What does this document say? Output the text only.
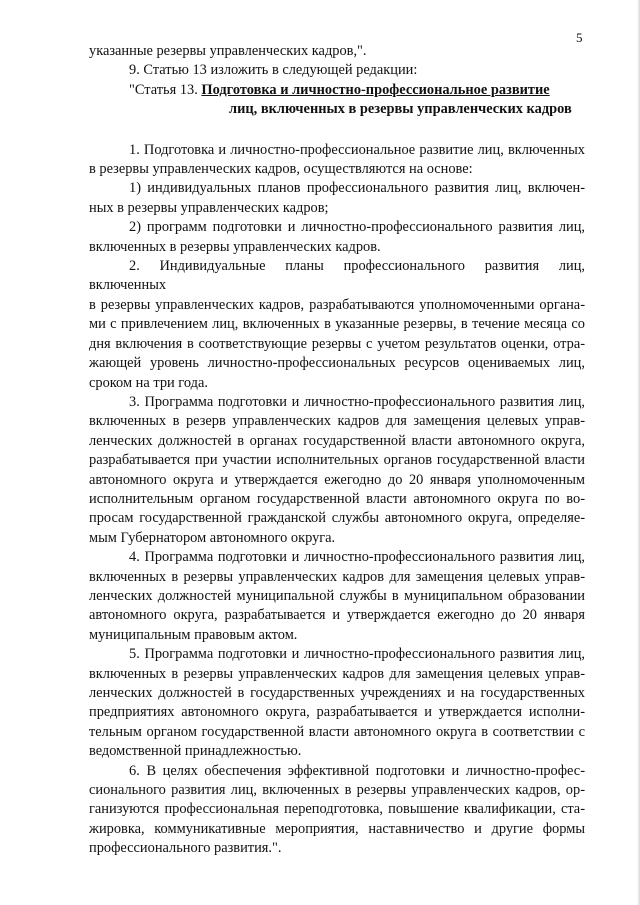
5

указанные резервы управленческих кадров,".

9. Статью 13 изложить в следующей редакции:

"Статья 13. Подготовка и личностно-профессиональное развитие

лиц, включенных в резервы управленческих кадров

1. Подготовка и личностно-профессиональное развитие лиц, включенных

в резервы управленческих кадров, осуществляются на основе:

1) индивидуальных планов профессионального развития лиц, включен-

ных в резервы управленческих кадров;

2) программ подготовки и личностно-профессионального развития лиц,

включенных в резервы управленческих кадров.

2. Индивидуальные планы профессионального развития лиц, включенных

в резервы управленческих кадров, разрабатываются уполномоченными органа-

ми с привлечением лиц, включенных в указанные резервы, в течение месяца со

дня включения в соответствующие резервы с учетом результатов оценки, отра-

жающей уровень личностно-профессиональных ресурсов оцениваемых лиц,

сроком на три года.

3. Программа подготовки и личностно-профессионального развития лиц,

включенных в резерв управленческих кадров для замещения целевых управ-

ленческих должностей в органах государственной власти автономного округа,

разрабатывается при участии исполнительных органов государственной власти

автономного округа и утверждается ежегодно до 20 января уполномоченным

исполнительным органом государственной власти автономного округа по во-

просам государственной гражданской службы автономного округа, определяе-

мым Губернатором автономного округа.

4. Программа подготовки и личностно-профессионального развития лиц,

включенных в резервы управленческих кадров для замещения целевых управ-

ленческих должностей муниципальной службы в муниципальном образовании

автономного округа, разрабатывается и утверждается ежегодно до 20 января

муниципальным правовым актом.

5. Программа подготовки и личностно-профессионального развития лиц,

включенных в резервы управленческих кадров для замещения целевых управ-

ленческих должностей в государственных учреждениях и на государственных

предприятиях автономного округа, разрабатывается и утверждается исполни-

тельным органом государственной власти автономного округа в соответствии с

ведомственной принадлежностью.

6. В целях обеспечения эффективной подготовки и личностно-профес-

сионального развития лиц, включенных в резервы управленческих кадров, ор-

ганизуются профессиональная переподготовка, повышение квалификации, ста-

жировка, коммуникативные мероприятия, наставничество и другие формы

профессионального развития.".
